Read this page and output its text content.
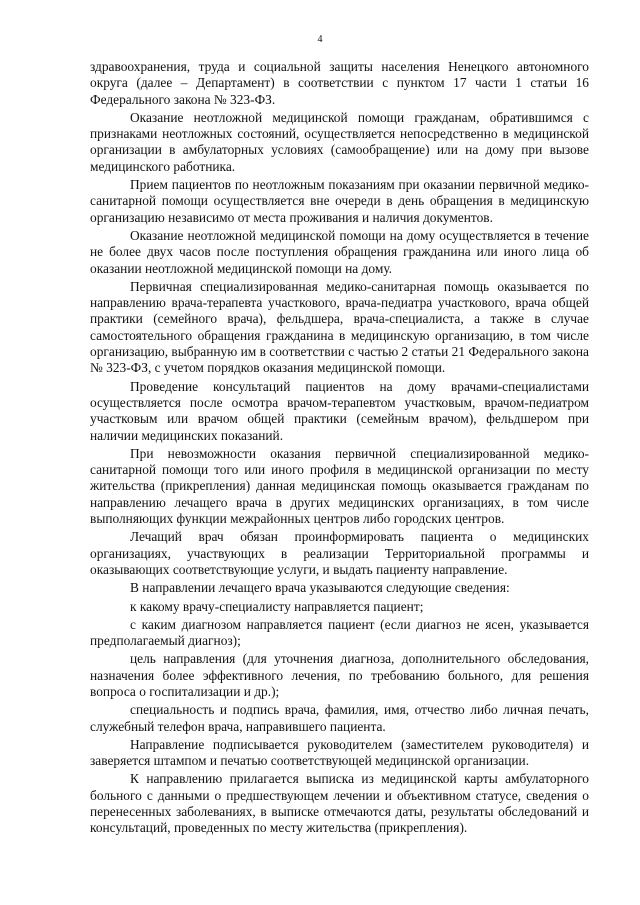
4

здравоохранения, труда и социальной защиты населения Ненецкого автономного округа (далее – Департамент) в соответствии с пунктом 17 части 1 статьи 16 Федерального закона № 323-ФЗ.

Оказание неотложной медицинской помощи гражданам, обратившимся с признаками неотложных состояний, осуществляется непосредственно в медицинской организации в амбулаторных условиях (самообращение) или на дому при вызове медицинского работника.

Прием пациентов по неотложным показаниям при оказании первичной медико-санитарной помощи осуществляется вне очереди в день обращения в медицинскую организацию независимо от места проживания и наличия документов.

Оказание неотложной медицинской помощи на дому осуществляется в течение не более двух часов после поступления обращения гражданина или иного лица об оказании неотложной медицинской помощи на дому.

Первичная специализированная медико-санитарная помощь оказывается по направлению врача-терапевта участкового, врача-педиатра участкового, врача общей практики (семейного врача), фельдшера, врача-специалиста, а также в случае самостоятельного обращения гражданина в медицинскую организацию, в том числе организацию, выбранную им в соответствии с частью 2 статьи 21 Федерального закона № 323-ФЗ, с учетом порядков оказания медицинской помощи.

Проведение консультаций пациентов на дому врачами-специалистами осуществляется после осмотра врачом-терапевтом участковым, врачом-педиатром участковым или врачом общей практики (семейным врачом), фельдшером при наличии медицинских показаний.

При невозможности оказания первичной специализированной медико-санитарной помощи того или иного профиля в медицинской организации по месту жительства (прикрепления) данная медицинская помощь оказывается гражданам по направлению лечащего врача в других медицинских организациях, в том числе выполняющих функции межрайонных центров либо городских центров.

Лечащий врач обязан проинформировать пациента о медицинских организациях, участвующих в реализации Территориальной программы и оказывающих соответствующие услуги, и выдать пациенту направление.

В направлении лечащего врача указываются следующие сведения:

к какому врачу-специалисту направляется пациент;

с каким диагнозом направляется пациент (если диагноз не ясен, указывается предполагаемый диагноз);

цель направления (для уточнения диагноза, дополнительного обследования, назначения более эффективного лечения, по требованию больного, для решения вопроса о госпитализации и др.);

специальность и подпись врача, фамилия, имя, отчество либо личная печать, служебный телефон врача, направившего пациента.

Направление подписывается руководителем (заместителем руководителя) и заверяется штампом и печатью соответствующей медицинской организации.

К направлению прилагается выписка из медицинской карты амбулаторного больного с данными о предшествующем лечении и объективном статусе, сведения о перенесенных заболеваниях, в выписке отмечаются даты, результаты обследований и консультаций, проведенных по месту жительства (прикрепления).
